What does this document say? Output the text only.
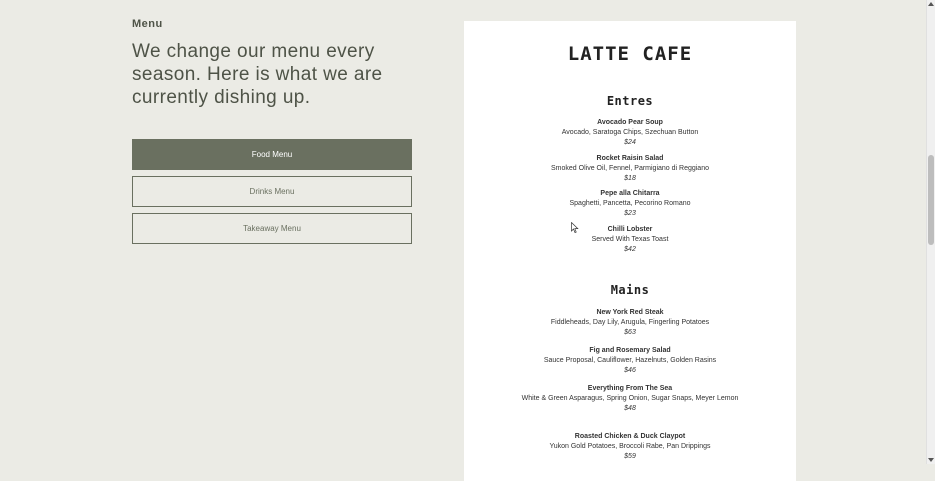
Menu

We change our menu every season. Here is what we are currently dishing up.
Food Menu
Drinks Menu
Takeaway Menu
LATTE CAFE
Entres
Avocado Pear Soup
Avocado, Saratoga Chips, Szechuan Button
$24
Rocket Raisin Salad
Smoked Olive Oil, Fennel, Parmigiano di Reggiano
$18
Pepe alla Chitarra
Spaghetti, Pancetta, Pecorino Romano
$23
Chilli Lobster
Served With Texas Toast
$42
Mains
New York Red Steak
Fiddleheads, Day Lily, Arugula, Fingerling Potatoes
$63
Fig and Rosemary Salad
Sauce Proposal, Cauliflower, Hazelnuts, Golden Rasins
$46
Everything From The Sea
White & Green Asparagus, Spring Onion, Sugar Snaps, Meyer Lemon
$48
Roasted Chicken & Duck Claypot
Yukon Gold Potatoes, Broccoli Rabe, Pan Drippings
$59
